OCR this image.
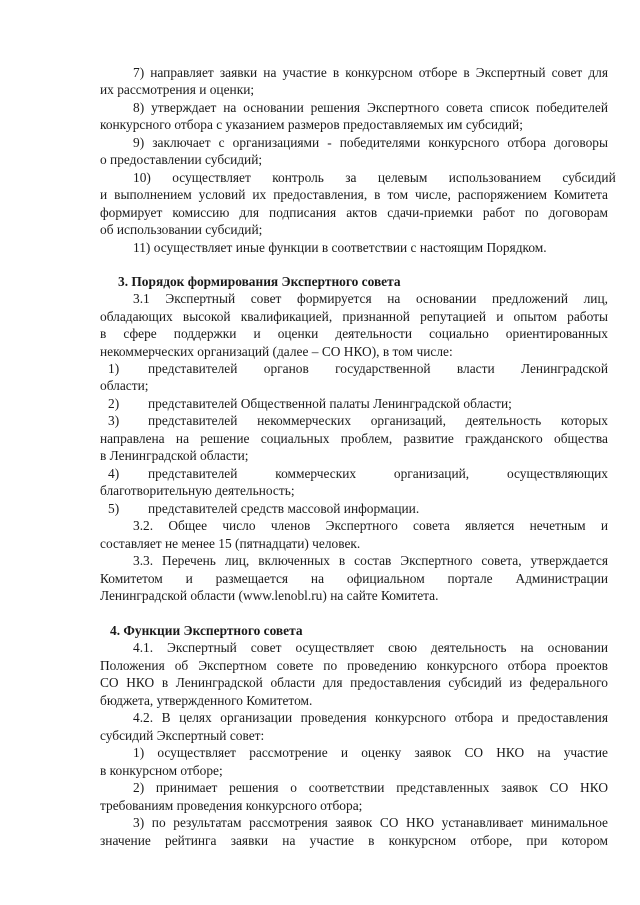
7) направляет заявки на участие в конкурсном отборе в Экспертный совет для
их рассмотрения и оценки;
8) утверждает на основании решения Экспертного совета список победителей
конкурсного отбора с указанием размеров предоставляемых им субсидий;
9) заключает с организациями - победителями конкурсного отбора договоры
о предоставлении субсидий;
10) осуществляет контроль за целевым использованием субсидий
и выполнением условий их предоставления, в том числе, распоряжением Комитета
формирует комиссию для подписания актов сдачи-приемки работ по договорам
об использовании субсидий;
11) осуществляет иные функции в соответствии с настоящим Порядком.
3. Порядок формирования Экспертного совета
3.1 Экспертный совет формируется на основании предложений лиц,
обладающих высокой квалификацией, признанной репутацией и опытом работы
в сфере поддержки и оценки деятельности социально ориентированных
некоммерческих организаций (далее – СО НКО), в том числе:
1) представителей органов государственной власти Ленинградской
области;
2) представителей Общественной палаты Ленинградской области;
3) представителей некоммерческих организаций, деятельность которых
направлена на решение социальных проблем, развитие гражданского общества
в Ленинградской области;
4) представителей коммерческих организаций, осуществляющих
благотворительную деятельность;
5) представителей средств массовой информации.
3.2. Общее число членов Экспертного совета является нечетным и
составляет не менее 15 (пятнадцати) человек.
3.3. Перечень лиц, включенных в состав Экспертного совета, утверждается
Комитетом и размещается на официальном портале Администрации
Ленинградской области (www.lenobl.ru) на сайте Комитета.
4. Функции Экспертного совета
4.1. Экспертный совет осуществляет свою деятельность на основании
Положения об Экспертном совете по проведению конкурсного отбора проектов
СО НКО в Ленинградской области для предоставления субсидий из федерального
бюджета, утвержденного Комитетом.
4.2. В целях организации проведения конкурсного отбора и предоставления
субсидий Экспертный совет:
1) осуществляет рассмотрение и оценку заявок СО НКО на участие
в конкурсном отборе;
2) принимает решения о соответствии представленных заявок СО НКО
требованиям проведения конкурсного отбора;
3) по результатам рассмотрения заявок СО НКО устанавливает минимальное
значение рейтинга заявки на участие в конкурсном отборе, при котором
